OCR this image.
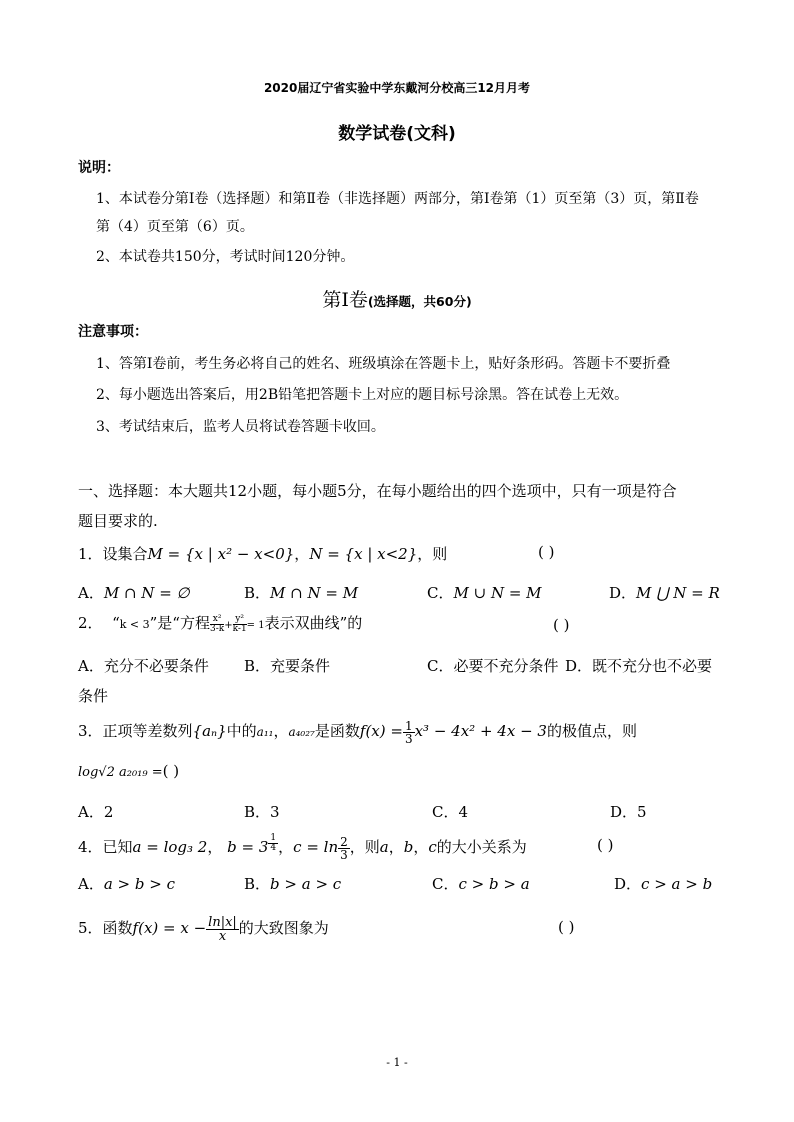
2020届辽宁省实验中学东戴河分校高三12月月考
数学试卷(文科)
说明：
1、本试卷分第Ⅰ卷（选择题）和第Ⅱ卷（非选择题）两部分，第Ⅰ卷第（1）页至第（3）页，第Ⅱ卷
第（4）页至第（6）页。
2、本试卷共150分，考试时间120分钟。
第Ⅰ卷(选择题，共60分)
注意事项：
1、答第Ⅰ卷前，考生务必将自己的姓名、班级填涂在答题卡上，贴好条形码。答题卡不要折叠
2、每小题选出答案后，用2B铅笔把答题卡上对应的题目标号涂黑。答在试卷上无效。
3、考试结束后，监考人员将试卷答题卡收回。
一、选择题：本大题共12小题，每小题5分，在每小题给出的四个选项中，只有一项是符合
题目要求的.
1．设集合M = {x | x² − x<0}，N = {x | x<2}，则	( )
A．M ∩ N = ∅	B．M ∩ N = M	C．M ∪ N = M	D．M ⋃ N = R
2． “k < 3”是“方程 $\frac{\text{x²}}{3-k} + \frac{\text{y²}}{k-1} = 1$表示双曲线”的	( )
A．充分不必要条件 B．充要条件	C．必要不充分条件 D．既不充分也不必要
条件
3．正项等差数列{aₙ}中的a₁₁，a₄₀₂₇是函数$f(x) = \frac{1}{3} x^3 - 4x^2 + 4x - 3$的极值点，则
log√2 a₂₀₁₉ =( )
A．2	B．3	C．4	D．5
4．已知a = log₃ 2， $b = 3 \frac{1}{4}$ ，$c = \ln \frac{2}{3}$ ，则a，b，c的大小关系为	( )
A．a > b > c	B．b > a > c	C．c > b > a	D．c > a > b
5．函数$f(x) = x - \frac{\ln|x|}{x}$ 的大致图象为	( )
- 1 -
